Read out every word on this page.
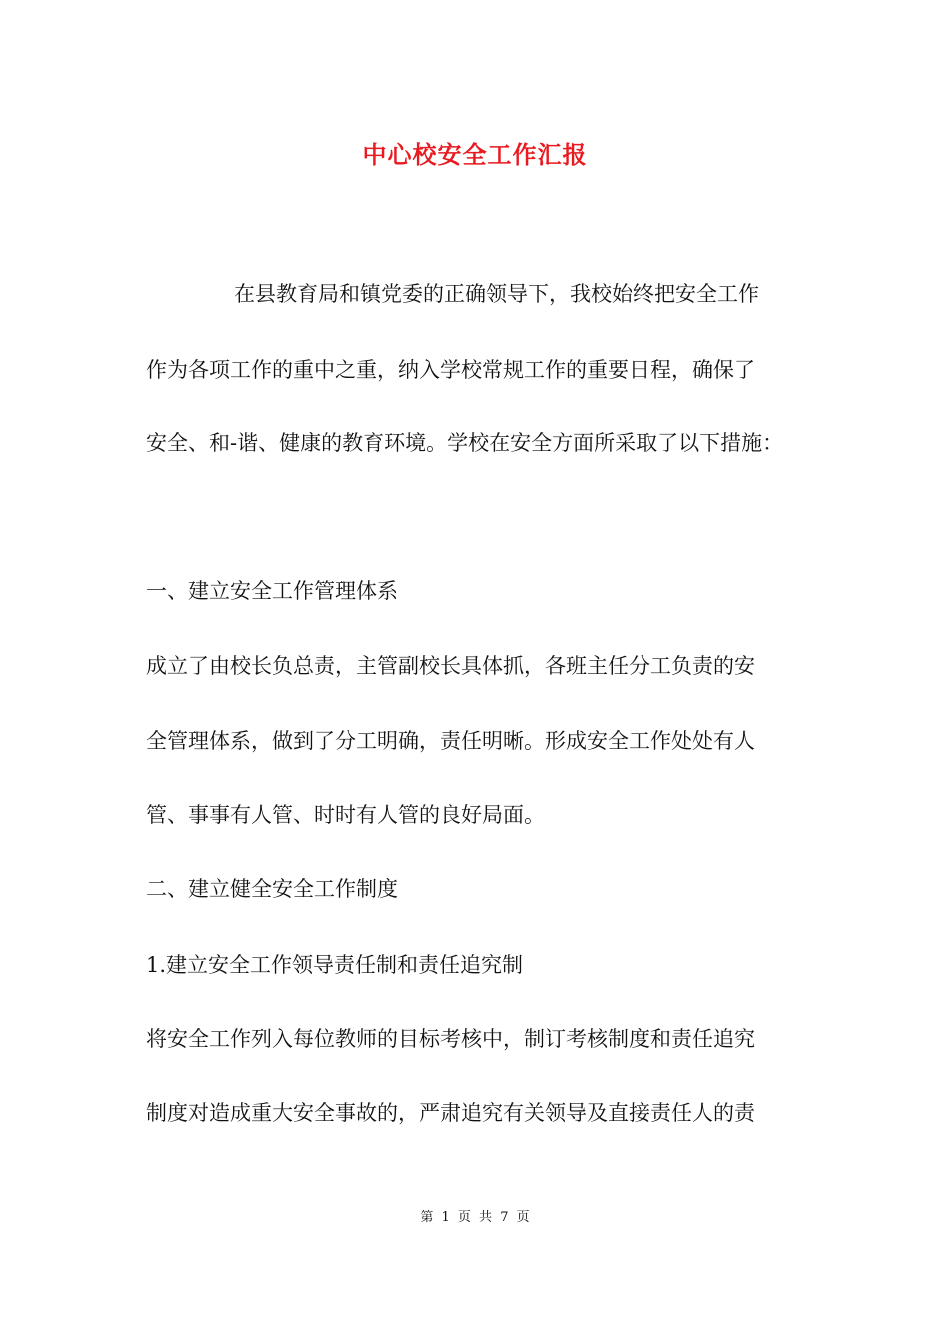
中心校安全工作汇报

在县教育局和镇党委的正确领导下，我校始终把安全工作

作为各项工作的重中之重，纳入学校常规工作的重要日程，确保了

安全、和-谐、健康的教育环境。学校在安全方面所采取了以下措施：

一、建立安全工作管理体系

成立了由校长负总责，主管副校长具体抓，各班主任分工负责的安

全管理体系，做到了分工明确，责任明晰。形成安全工作处处有人

管、事事有人管、时时有人管的良好局面。

二、建立健全安全工作制度

1.建立安全工作领导责任制和责任追究制

将安全工作列入每位教师的目标考核中，制订考核制度和责任追究

制度对造成重大安全事故的，严肃追究有关领导及直接责任人的责

第 1 页 共 7 页
